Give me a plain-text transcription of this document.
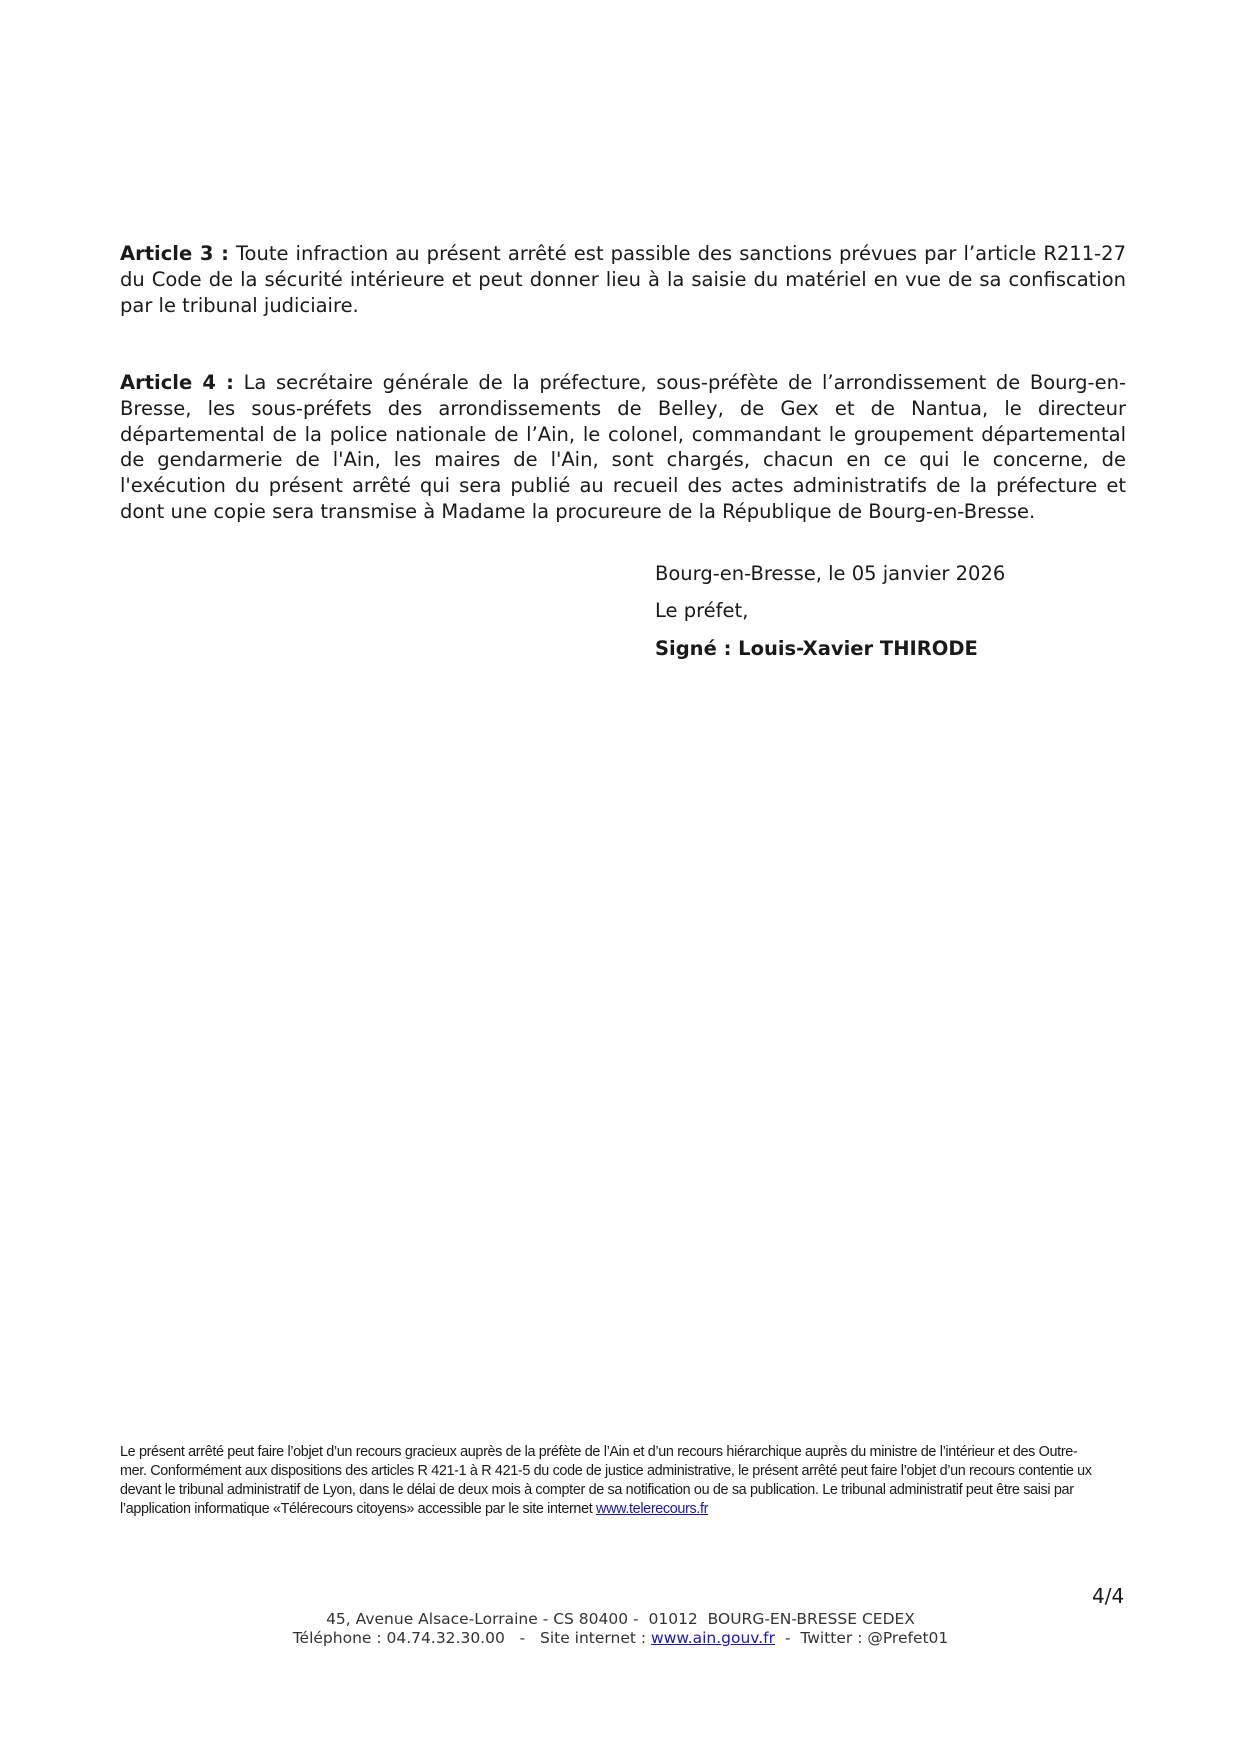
Article 3 : Toute infraction au présent arrêté est passible des sanctions prévues par l’article R211-27 du Code de la sécurité intérieure et peut donner lieu à la saisie du matériel en vue de sa confiscation par le tribunal judiciaire.

Article 4 : La secrétaire générale de la préfecture, sous-préfète de l’arrondissement de Bourg-en-Bresse, les sous-préfets des arrondissements de Belley, de Gex et de Nantua, le directeur départemental de la police nationale de l’Ain, le colonel, commandant le groupement départemental de gendarmerie de l'Ain, les maires de l'Ain, sont chargés, chacun en ce qui le concerne, de l'exécution du présent arrêté qui sera publié au recueil des actes administratifs de la préfecture et dont une copie sera transmise à Madame la procureure de la République de Bourg-en-Bresse.

Bourg-en-Bresse, le 05 janvier 2026
Le préfet,
Signé : Louis-Xavier THIRODE
Le présent arrêté peut faire l’objet d’un recours gracieux auprès de la préfète de l’Ain et d’un recours hiérarchique auprès du ministre de l’intérieur et des Outre-
mer. Conformément aux dispositions des articles R 421-1 à R 421-5 du code de justice administrative, le présent arrêté peut faire l’objet d’un recours contentie ux
devant le tribunal administratif de Lyon, dans le délai de deux mois à compter de sa notification ou de sa publication. Le tribunal administratif peut être saisi par
l’application informatique «Télérecours citoyens» accessible par le site internet www.telerecours.fr
4/4
45, Avenue Alsace-Lorraine - CS 80400 -  01012  BOURG-EN-BRESSE CEDEX
Téléphone : 04.74.32.30.00   -   Site internet : www.ain.gouv.fr  -  Twitter : @Prefet01
